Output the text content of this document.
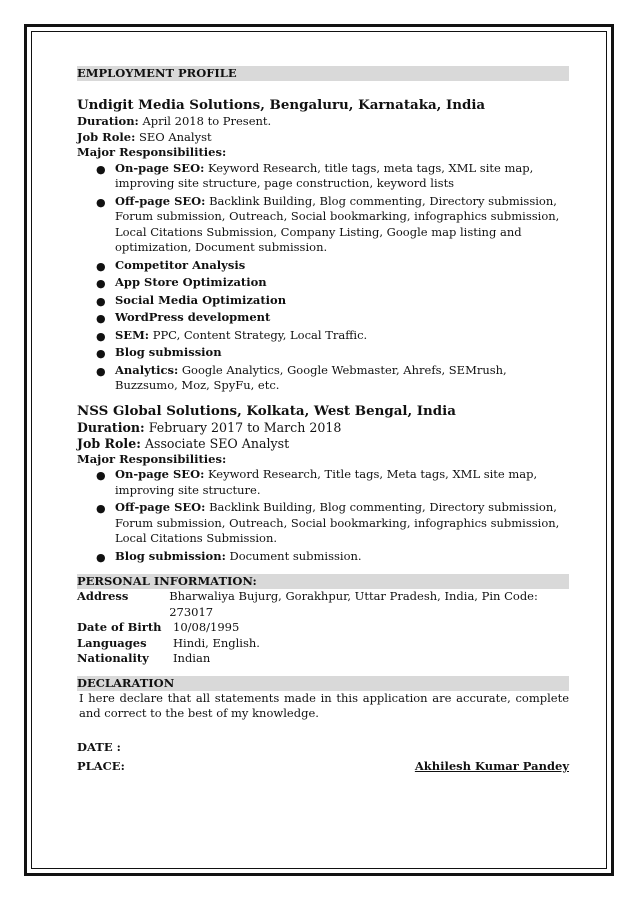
EMPLOYMENT PROFILE
Undigit Media Solutions, Bengaluru, Karnataka, India
Duration: April 2018 to Present.
Job Role: SEO Analyst
Major Responsibilities:
● On-page SEO: Keyword Research, title tags, meta tags, XML site map, improving site structure, page construction, keyword lists
● Off-page SEO: Backlink Building, Blog commenting, Directory submission, Forum submission, Outreach, Social bookmarking, infographics submission, Local Citations Submission, Company Listing, Google map listing and optimization, Document submission.
● Competitor Analysis
● App Store Optimization
● Social Media Optimization
● WordPress development
● SEM: PPC, Content Strategy, Local Traffic.
● Blog submission
● Analytics: Google Analytics, Google Webmaster, Ahrefs, SEMrush, Buzzsumo, Moz, SpyFu, etc.
NSS Global Solutions, Kolkata, West Bengal, India
Duration: February 2017 to March 2018
Job Role: Associate SEO Analyst
Major Responsibilities:
● On-page SEO: Keyword Research, Title tags, Meta tags, XML site map, improving site structure.
● Off-page SEO: Backlink Building, Blog commenting, Directory submission, Forum submission, Outreach, Social bookmarking, infographics submission, Local Citations Submission.
● Blog submission: Document submission.
PERSONAL INFORMATION:
Address	Bharwaliya Bujurg, Gorakhpur, Uttar Pradesh, India, Pin Code: 273017
Date of Birth	10/08/1995
Languages	Hindi, English.
Nationality	Indian
DECLARATION
I here declare that all statements made in this application are accurate, complete and correct to the best of my knowledge.
DATE :
PLACE:	Akhilesh Kumar Pandey
